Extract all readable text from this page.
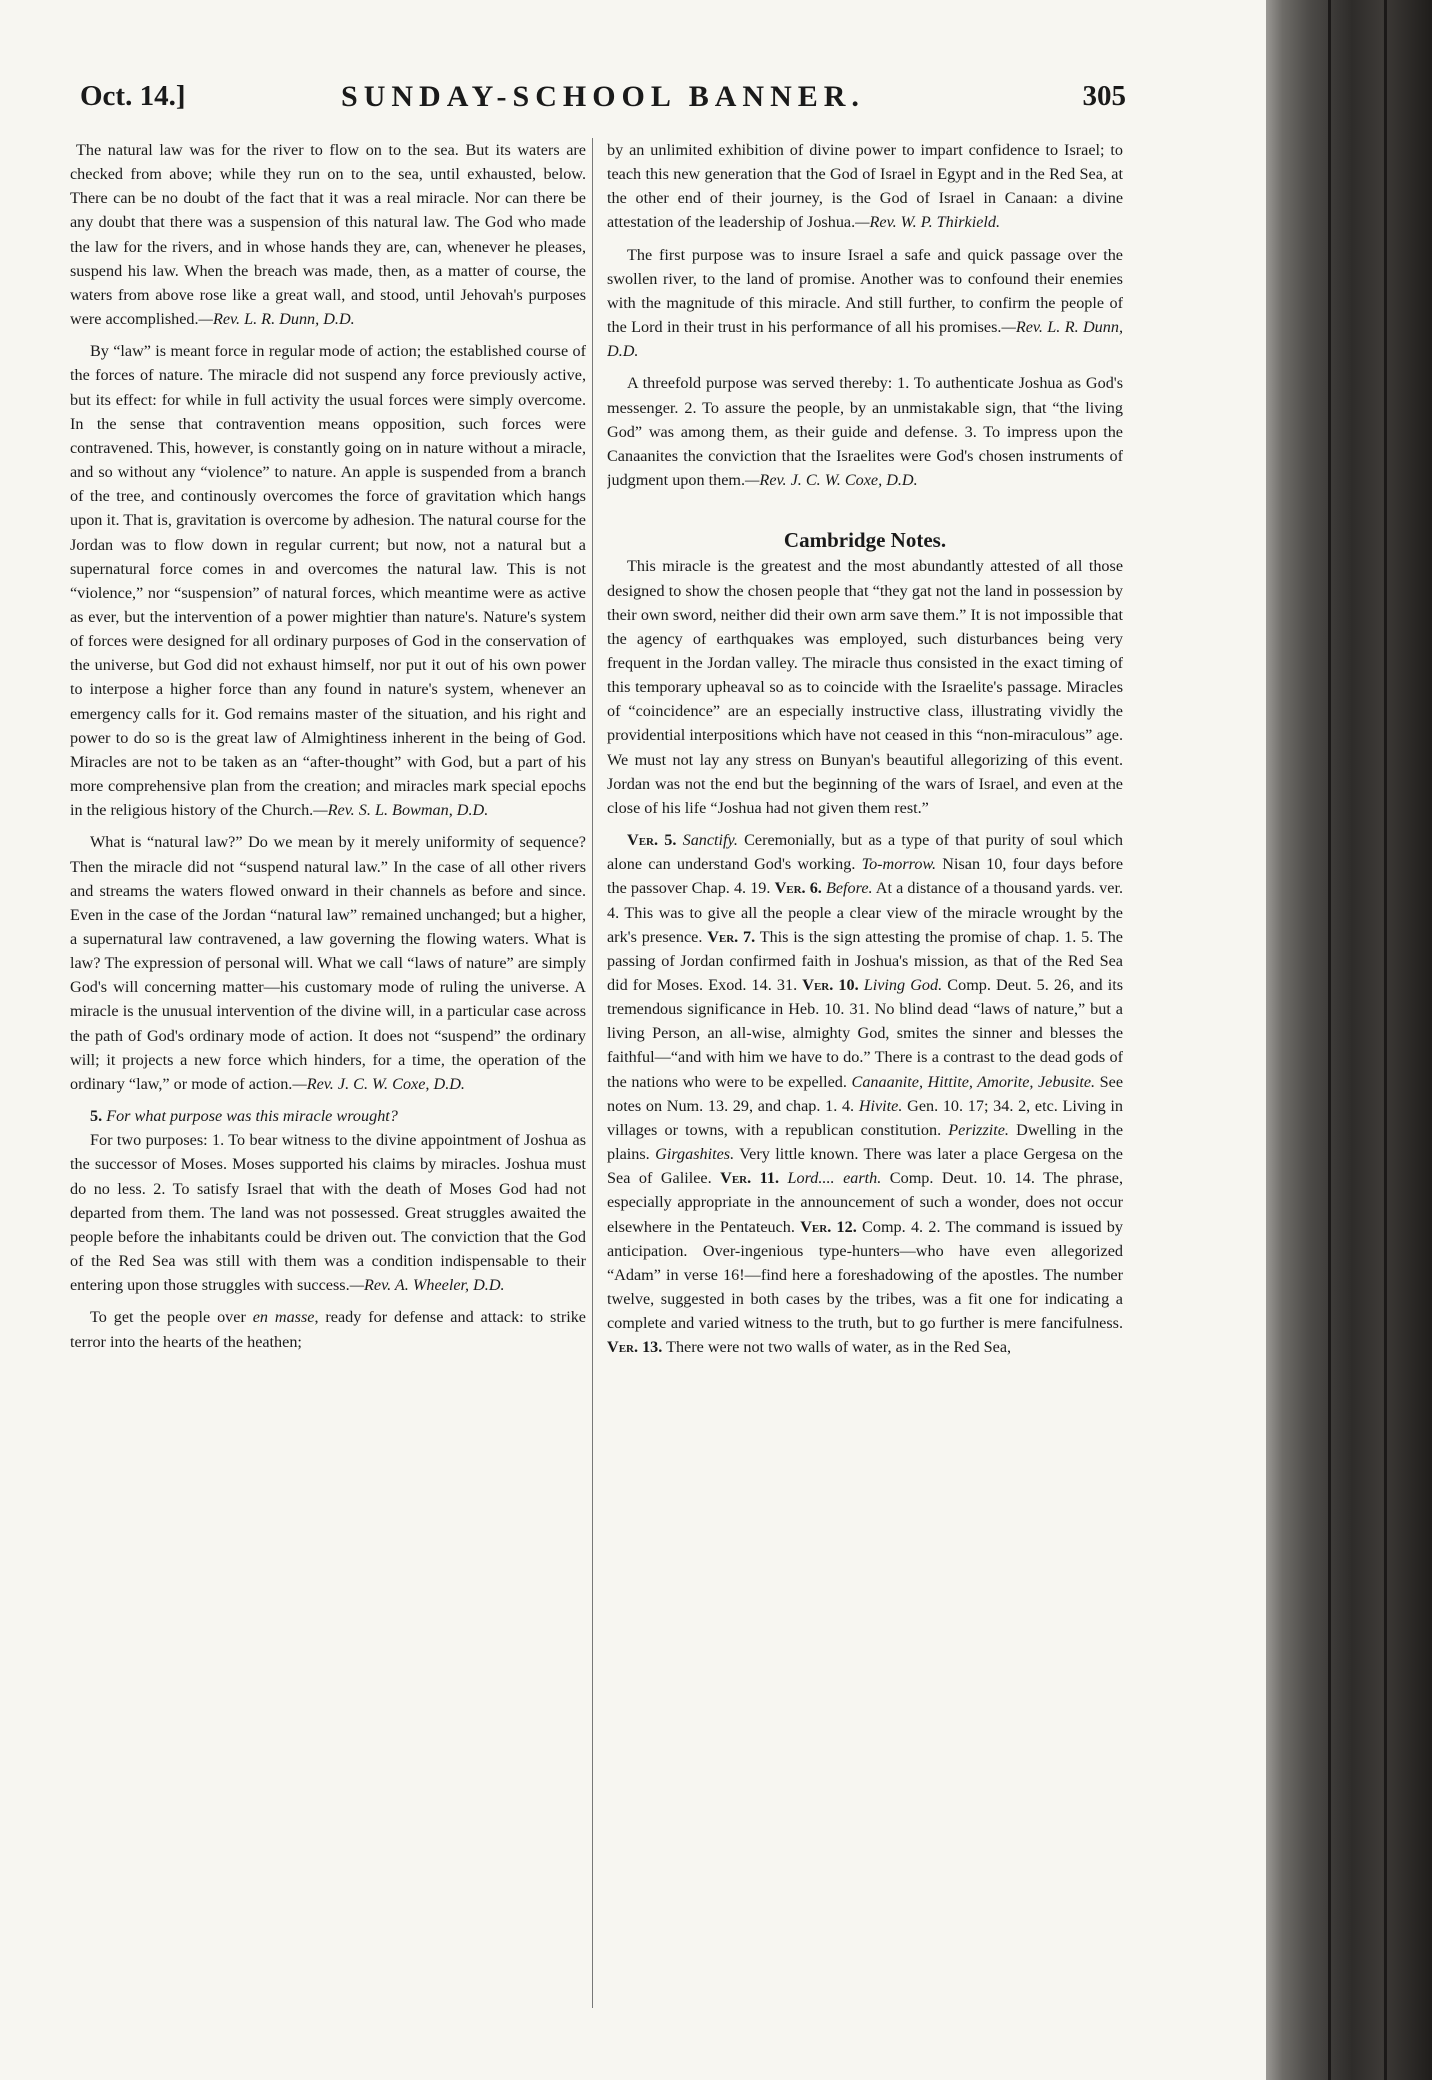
Oct. 14.]	SUNDAY-SCHOOL BANNER.	305

The natural law was for the river to flow on to the sea. But its waters are checked from above; while they run on to the sea, until exhausted, below. There can be no doubt of the fact that it was a real miracle. Nor can there be any doubt that there was a suspension of this natural law. The God who made the law for the rivers, and in whose hands they are, can, whenever he pleases, suspend his law. When the breach was made, then, as a matter of course, the waters from above rose like a great wall, and stood, until Jehovah's purposes were accomplished.—Rev. L. R. Dunn, D.D.

By “law” is meant force in regular mode of action; the established course of the forces of nature. The miracle did not suspend any force previously active, but its effect: for while in full activity the usual forces were simply overcome. In the sense that contravention means opposition, such forces were contravened. This, however, is constantly going on in nature without a miracle, and so without any “violence” to nature. An apple is suspended from a branch of the tree, and continously overcomes the force of gravitation which hangs upon it. That is, gravitation is overcome by adhesion. The natural course for the Jordan was to flow down in regular current; but now, not a natural but a supernatural force comes in and overcomes the natural law. This is not “violence,” nor “suspension” of natural forces, which meantime were as active as ever, but the intervention of a power mightier than nature's. Nature's system of forces were designed for all ordinary purposes of God in the conservation of the universe, but God did not exhaust himself, nor put it out of his own power to interpose a higher force than any found in nature's system, whenever an emergency calls for it. God remains master of the situation, and his right and power to do so is the great law of Almightiness inherent in the being of God. Miracles are not to be taken as an “after-thought” with God, but a part of his more comprehensive plan from the creation; and miracles mark special epochs in the religious history of the Church.—Rev. S. L. Bowman, D.D.

What is “natural law?” Do we mean by it merely uniformity of sequence? Then the miracle did not “suspend natural law.” In the case of all other rivers and streams the waters flowed onward in their channels as before and since. Even in the case of the Jordan “natural law” remained unchanged; but a higher, a supernatural law contravened, a law governing the flowing waters. What is law? The expression of personal will. What we call “laws of nature” are simply God's will concerning matter—his customary mode of ruling the universe. A miracle is the unusual intervention of the divine will, in a particular case across the path of God's ordinary mode of action. It does not “suspend” the ordinary will; it projects a new force which hinders, for a time, the operation of the ordinary “law,” or mode of action.—Rev. J. C. W. Coxe, D.D.

5. For what purpose was this miracle wrought?

For two purposes: 1. To bear witness to the divine appointment of Joshua as the successor of Moses. Moses supported his claims by miracles. Joshua must do no less. 2. To satisfy Israel that with the death of Moses God had not departed from them. The land was not possessed. Great struggles awaited the people before the inhabitants could be driven out. The conviction that the God of the Red Sea was still with them was a condition indispensable to their entering upon those struggles with success.—Rev. A. Wheeler, D.D.

To get the people over en masse, ready for defense and attack: to strike terror into the hearts of the heathen;

by an unlimited exhibition of divine power to impart confidence to Israel; to teach this new generation that the God of Israel in Egypt and in the Red Sea, at the other end of their journey, is the God of Israel in Canaan: a divine attestation of the leadership of Joshua.—Rev. W. P. Thirkield.

The first purpose was to insure Israel a safe and quick passage over the swollen river, to the land of promise. Another was to confound their enemies with the magnitude of this miracle. And still further, to confirm the people of the Lord in their trust in his performance of all his promises.—Rev. L. R. Dunn, D.D.

A threefold purpose was served thereby: 1. To authenticate Joshua as God's messenger. 2. To assure the people, by an unmistakable sign, that “the living God” was among them, as their guide and defense. 3. To impress upon the Canaanites the conviction that the Israelites were God's chosen instruments of judgment upon them.—Rev. J. C. W. Coxe, D.D.

Cambridge Notes.

This miracle is the greatest and the most abundantly attested of all those designed to show the chosen people that “they gat not the land in possession by their own sword, neither did their own arm save them.” It is not impossible that the agency of earthquakes was employed, such disturbances being very frequent in the Jordan valley. The miracle thus consisted in the exact timing of this temporary upheaval so as to coincide with the Israelite's passage. Miracles of “coincidence” are an especially instructive class, illustrating vividly the providential interpositions which have not ceased in this “non-miraculous” age. We must not lay any stress on Bunyan's beautiful allegorizing of this event. Jordan was not the end but the beginning of the wars of Israel, and even at the close of his life “Joshua had not given them rest.”

Ver. 5. Sanctify. Ceremonially, but as a type of that purity of soul which alone can understand God's working. To-morrow. Nisan 10, four days before the passover Chap. 4. 19. Ver. 6. Before. At a distance of a thousand yards. ver. 4. This was to give all the people a clear view of the miracle wrought by the ark's presence. Ver. 7. This is the sign attesting the promise of chap. 1. 5. The passing of Jordan confirmed faith in Joshua's mission, as that of the Red Sea did for Moses. Exod. 14. 31. Ver. 10. Living God. Comp. Deut. 5. 26, and its tremendous significance in Heb. 10. 31. No blind dead “laws of nature,” but a living Person, an all-wise, almighty God, smites the sinner and blesses the faithful—“and with him we have to do.” There is a contrast to the dead gods of the nations who were to be expelled. Canaanite, Hittite, Amorite, Jebusite. See notes on Num. 13. 29, and chap. 1. 4. Hivite. Gen. 10. 17; 34. 2, etc. Living in villages or towns, with a republican constitution. Perizzite. Dwelling in the plains. Girgashites. Very little known. There was later a place Gergesa on the Sea of Galilee. Ver. 11. Lord.... earth. Comp. Deut. 10. 14. The phrase, especially appropriate in the announcement of such a wonder, does not occur elsewhere in the Pentateuch. Ver. 12. Comp. 4. 2. The command is issued by anticipation. Over-ingenious type-hunters—who have even allegorized “Adam” in verse 16!—find here a foreshadowing of the apostles. The number twelve, suggested in both cases by the tribes, was a fit one for indicating a complete and varied witness to the truth, but to go further is mere fancifulness. Ver. 13. There were not two walls of water, as in the Red Sea,
